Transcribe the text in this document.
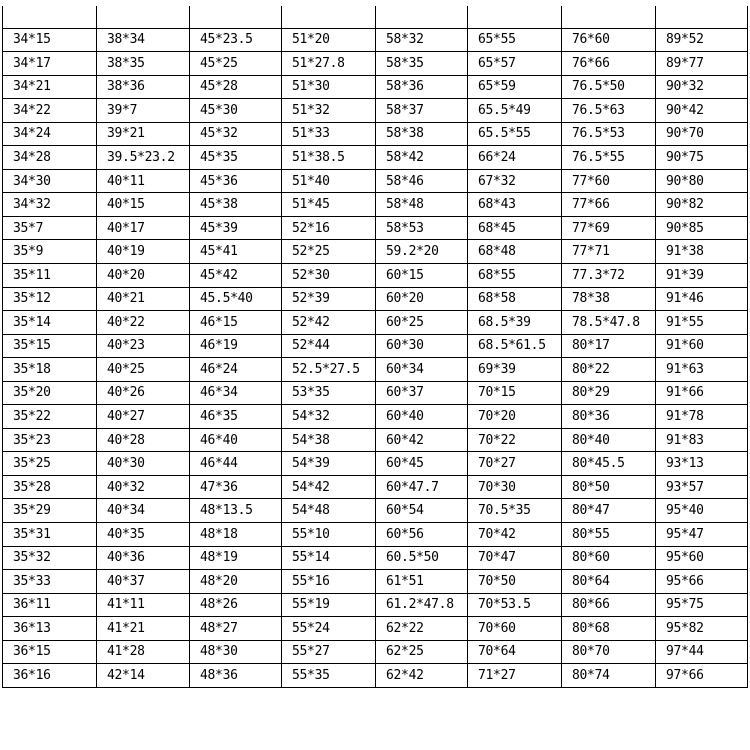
34*15	38*34	45*23.5	51*20	58*32	65*55	76*60	89*52
34*17	38*35	45*25	51*27.8	58*35	65*57	76*66	89*77
34*21	38*36	45*28	51*30	58*36	65*59	76.5*50	90*32
34*22	39*7	45*30	51*32	58*37	65.5*49	76.5*63	90*42
34*24	39*21	45*32	51*33	58*38	65.5*55	76.5*53	90*70
34*28	39.5*23.2	45*35	51*38.5	58*42	66*24	76.5*55	90*75
34*30	40*11	45*36	51*40	58*46	67*32	77*60	90*80
34*32	40*15	45*38	51*45	58*48	68*43	77*66	90*82
35*7	40*17	45*39	52*16	58*53	68*45	77*69	90*85
35*9	40*19	45*41	52*25	59.2*20	68*48	77*71	91*38
35*11	40*20	45*42	52*30	60*15	68*55	77.3*72	91*39
35*12	40*21	45.5*40	52*39	60*20	68*58	78*38	91*46
35*14	40*22	46*15	52*42	60*25	68.5*39	78.5*47.8	91*55
35*15	40*23	46*19	52*44	60*30	68.5*61.5	80*17	91*60
35*18	40*25	46*24	52.5*27.5	60*34	69*39	80*22	91*63
35*20	40*26	46*34	53*35	60*37	70*15	80*29	91*66
35*22	40*27	46*35	54*32	60*40	70*20	80*36	91*78
35*23	40*28	46*40	54*38	60*42	70*22	80*40	91*83
35*25	40*30	46*44	54*39	60*45	70*27	80*45.5	93*13
35*28	40*32	47*36	54*42	60*47.7	70*30	80*50	93*57
35*29	40*34	48*13.5	54*48	60*54	70.5*35	80*47	95*40
35*31	40*35	48*18	55*10	60*56	70*42	80*55	95*47
35*32	40*36	48*19	55*14	60.5*50	70*47	80*60	95*60
35*33	40*37	48*20	55*16	61*51	70*50	80*64	95*66
36*11	41*11	48*26	55*19	61.2*47.8	70*53.5	80*66	95*75
36*13	41*21	48*27	55*24	62*22	70*60	80*68	95*82
36*15	41*28	48*30	55*27	62*25	70*64	80*70	97*44
36*16	42*14	48*36	55*35	62*42	71*27	80*74	97*66
